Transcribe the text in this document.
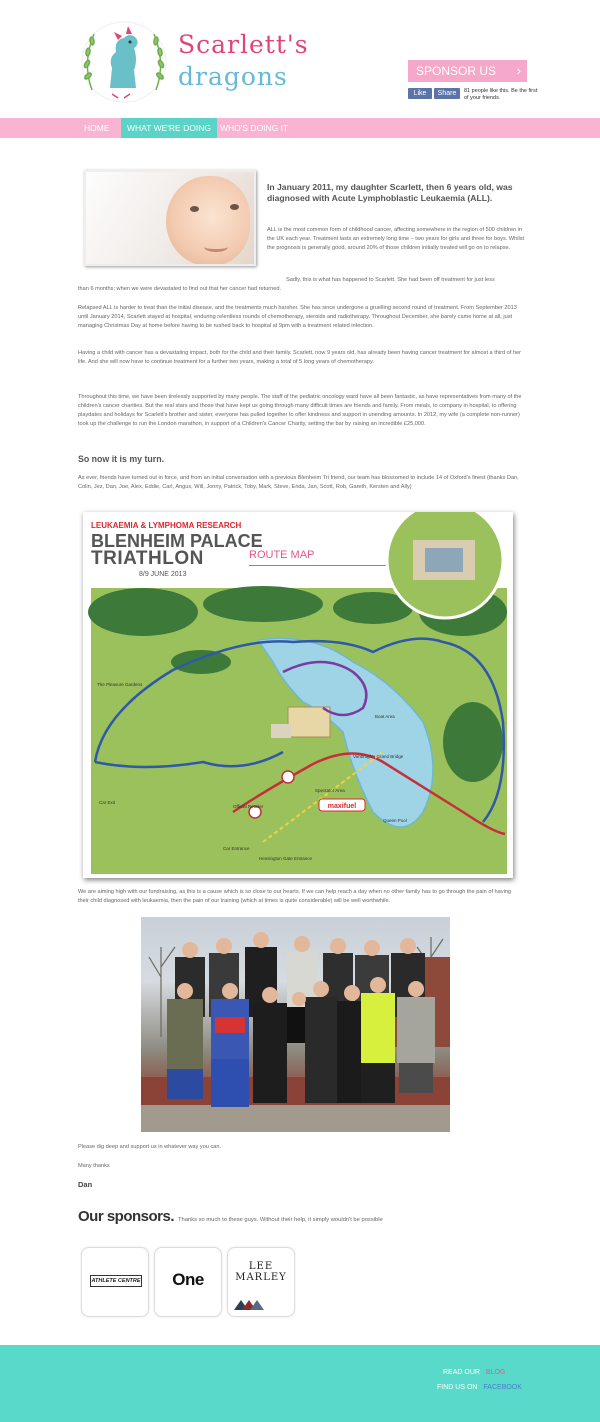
Scarlett's
dragons	SPONSOR US ›
Like	Share	81 people like this. Be the first of your friends.
HOME	WHAT WE'RE DOING	WHO'S DOING IT
In January 2011, my daughter Scarlett, then 6 years old, was diagnosed with Acute Lymphoblastic Leukaemia (ALL).
ALL is the most common form of childhood cancer, affecting somewhere in the region of 500 children in the UK each year. Treatment lasts an extremely long time – two years for girls and three for boys. Whilst the prognosis is generally good, around 20% of those children initially treated will go on to relapse.
Sadly, this is what has happened to Scarlett. She had been off treatment for just less
than 6 months; when we were devastated to find out that her cancer had returned.
Relapsed ALL is harder to treat than the initial disease, and the treatments much harsher. She has since undergone a gruelling second round of treatment. From September 2013 until January 2014, Scarlett stayed at hospital, enduring relentless rounds of chemotherapy, steroids and radiotherapy. Throughout December, she barely came home at all, just managing Christmas Day at home before having to be rushed back to hospital at 9pm with a treatment related infection.
Having a child with cancer has a devastating impact, both for the child and their family. Scarlett, now 9 years old, has already been having cancer treatment for almost a third of her life. And she will now have to continue treatment for a further two years, making a total of 5 long years of chemotherapy.
Throughout this time, we have been tirelessly supported by many people. The staff of the pediatric oncology ward have all been fantastic, as have representatives from many of the children's cancer charities. But the real stars and those that have kept us going through many difficult times are friends and family. From meals, to company in hospital, to offering playdates and holidays for Scarlett's brother and sister, everyone has pulled together to offer kindness and support in unending amounts. In 2012, my wife (a complete non-runner) took up the challenge to run the London marathon, in support of a Children's Cancer Charity, setting the bar by raising an incredible £25,000.
So now it is my turn.
As ever, friends have turned out in force, and from an initial conversation with a previous Blenheim Tri friend, our team has blossomed to include 14 of Oxford's finest (thanks Dan, Colin, Jez, Dan, Joe, Alex, Eddie, Carl, Angus, Will, Jonny, Patrick, Toby, Mark, Steve, Enda, Jan, Scott, Rob, Gareth, Kersten and Ally)
LEUKAEMIA & LYMPHOMA RESEARCH
BLENHEIM PALACE
TRIATHLON
8/9 JUNE 2013
ROUTE MAP
maxifuel
Car Exit
Car Entrance
Hensington Gate Entrance
Queen Pool
Official Retailer
Spectator Area
The Pleasure Gardens
Vanbrugh's Grand Bridge
Boat Area
We are aiming high with our fundraising, as this is a cause which is so close to our hearts. If we can help reach a day when no other family has to go through the pain of having their child diagnosed with leukaemia, then the pain of our training (which at times is quite considerable) will be well worthwhile.
Please dig deep and support us in whatever way you can.
Many thanks
Dan
Our sponsors. Thanks so much to these guys. Without their help, it simply wouldn't be possible
ATHLETE CENTRE	One
LEE
MARLEY
READ OUR BLOG
FIND US ON FACEBOOK
